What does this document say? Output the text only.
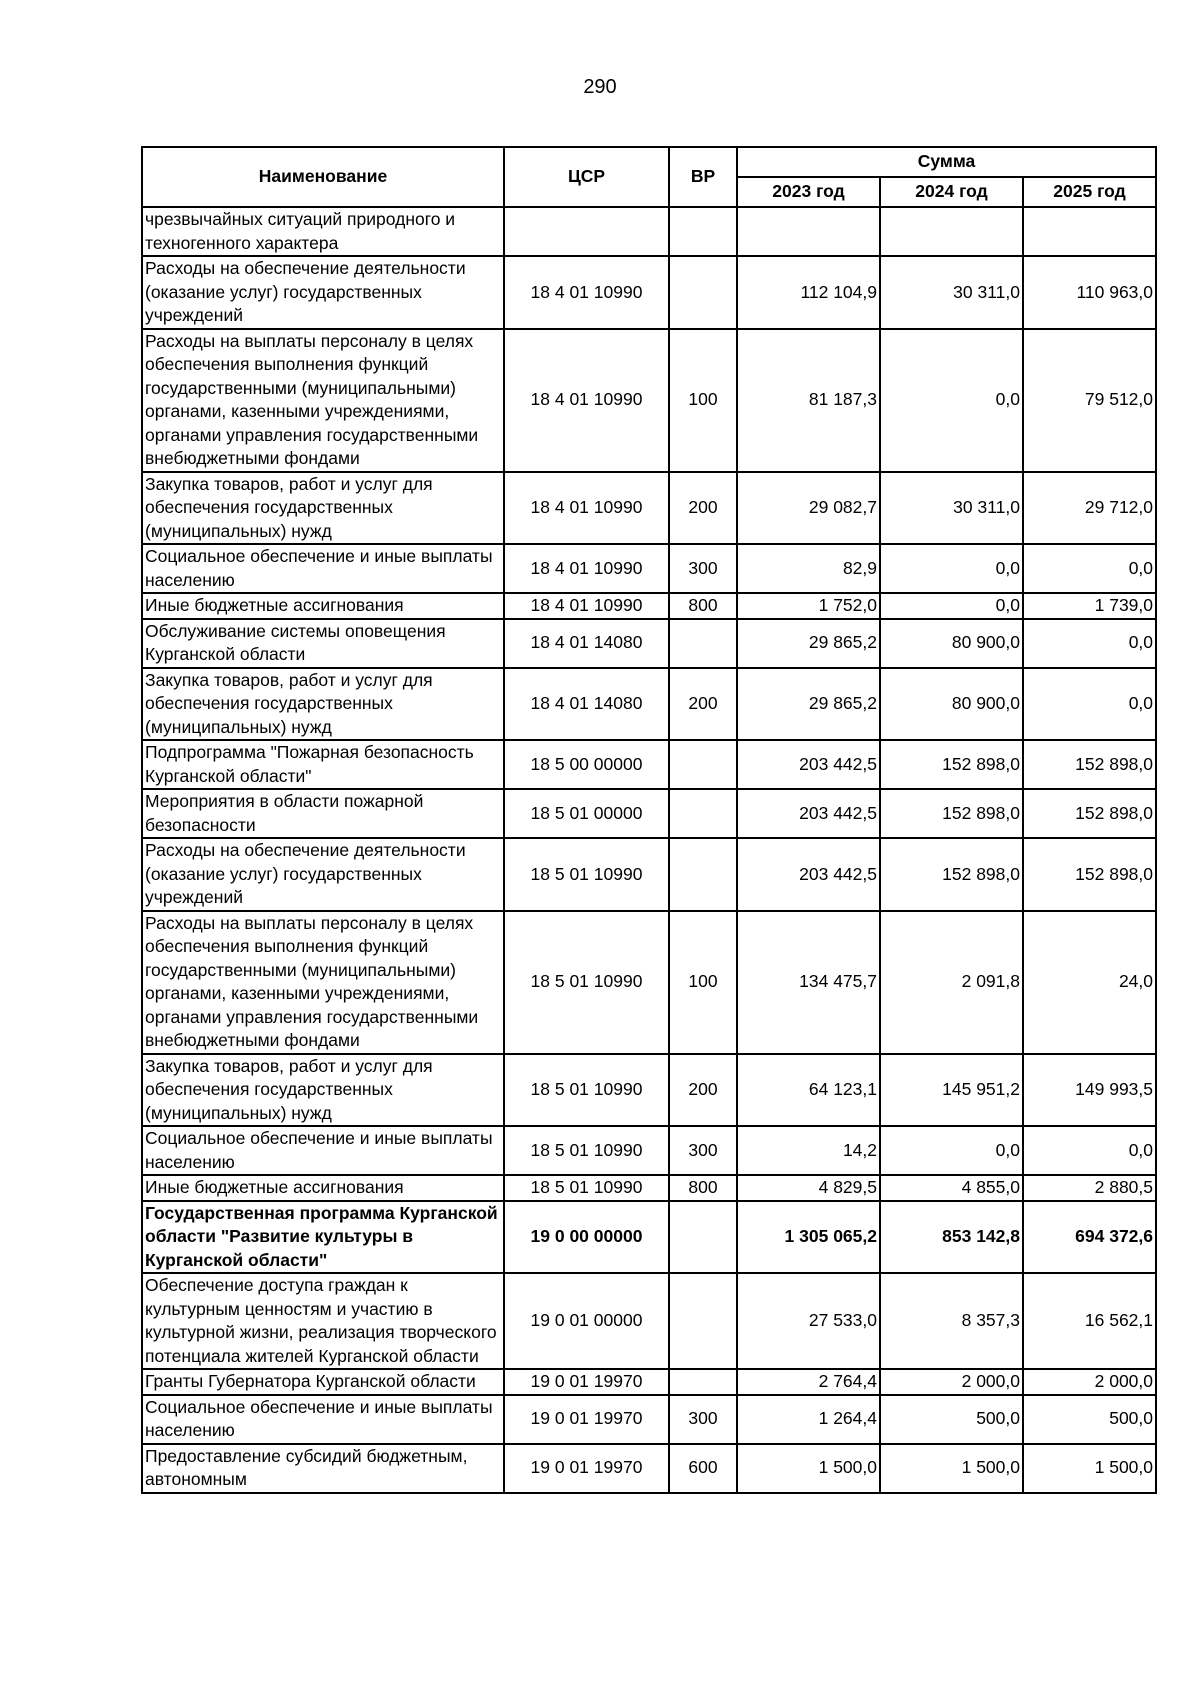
290
Наименование	ЦСР	ВР	Сумма		
			2023 год	2024 год	2025 год
чрезвычайных ситуаций природного и техногенного характера					
Расходы на обеспечение деятельности (оказание услуг) государственных учреждений	18 4 01 10990		112 104,9	30 311,0	110 963,0
Расходы на выплаты персоналу в целях обеспечения выполнения функций государственными (муниципальными) органами, казенными учреждениями, органами управления государственными внебюджетными фондами	18 4 01 10990	100	81 187,3	0,0	79 512,0
Закупка товаров, работ и услуг для обеспечения государственных (муниципальных) нужд	18 4 01 10990	200	29 082,7	30 311,0	29 712,0
Социальное обеспечение и иные выплаты населению	18 4 01 10990	300	82,9	0,0	0,0
Иные бюджетные ассигнования	18 4 01 10990	800	1 752,0	0,0	1 739,0
Обслуживание системы оповещения Курганской области	18 4 01 14080		29 865,2	80 900,0	0,0
Закупка товаров, работ и услуг для обеспечения государственных (муниципальных) нужд	18 4 01 14080	200	29 865,2	80 900,0	0,0
Подпрограмма "Пожарная безопасность Курганской области"	18 5 00 00000		203 442,5	152 898,0	152 898,0
Мероприятия в области пожарной безопасности	18 5 01 00000		203 442,5	152 898,0	152 898,0
Расходы на обеспечение деятельности (оказание услуг) государственных учреждений	18 5 01 10990		203 442,5	152 898,0	152 898,0
Расходы на выплаты персоналу в целях обеспечения выполнения функций государственными (муниципальными) органами, казенными учреждениями, органами управления государственными внебюджетными фондами	18 5 01 10990	100	134 475,7	2 091,8	24,0
Закупка товаров, работ и услуг для обеспечения государственных (муниципальных) нужд	18 5 01 10990	200	64 123,1	145 951,2	149 993,5
Социальное обеспечение и иные выплаты населению	18 5 01 10990	300	14,2	0,0	0,0
Иные бюджетные ассигнования	18 5 01 10990	800	4 829,5	4 855,0	2 880,5
Государственная программа Курганской области "Развитие культуры в Курганской области"	19 0 00 00000		1 305 065,2	853 142,8	694 372,6
Обеспечение доступа граждан к культурным ценностям и участию в культурной жизни, реализация творческого потенциала жителей Курганской области	19 0 01 00000		27 533,0	8 357,3	16 562,1
Гранты Губернатора Курганской области	19 0 01 19970		2 764,4	2 000,0	2 000,0
Социальное обеспечение и иные выплаты населению	19 0 01 19970	300	1 264,4	500,0	500,0
Предоставление субсидий бюджетным, автономным	19 0 01 19970	600	1 500,0	1 500,0	1 500,0
